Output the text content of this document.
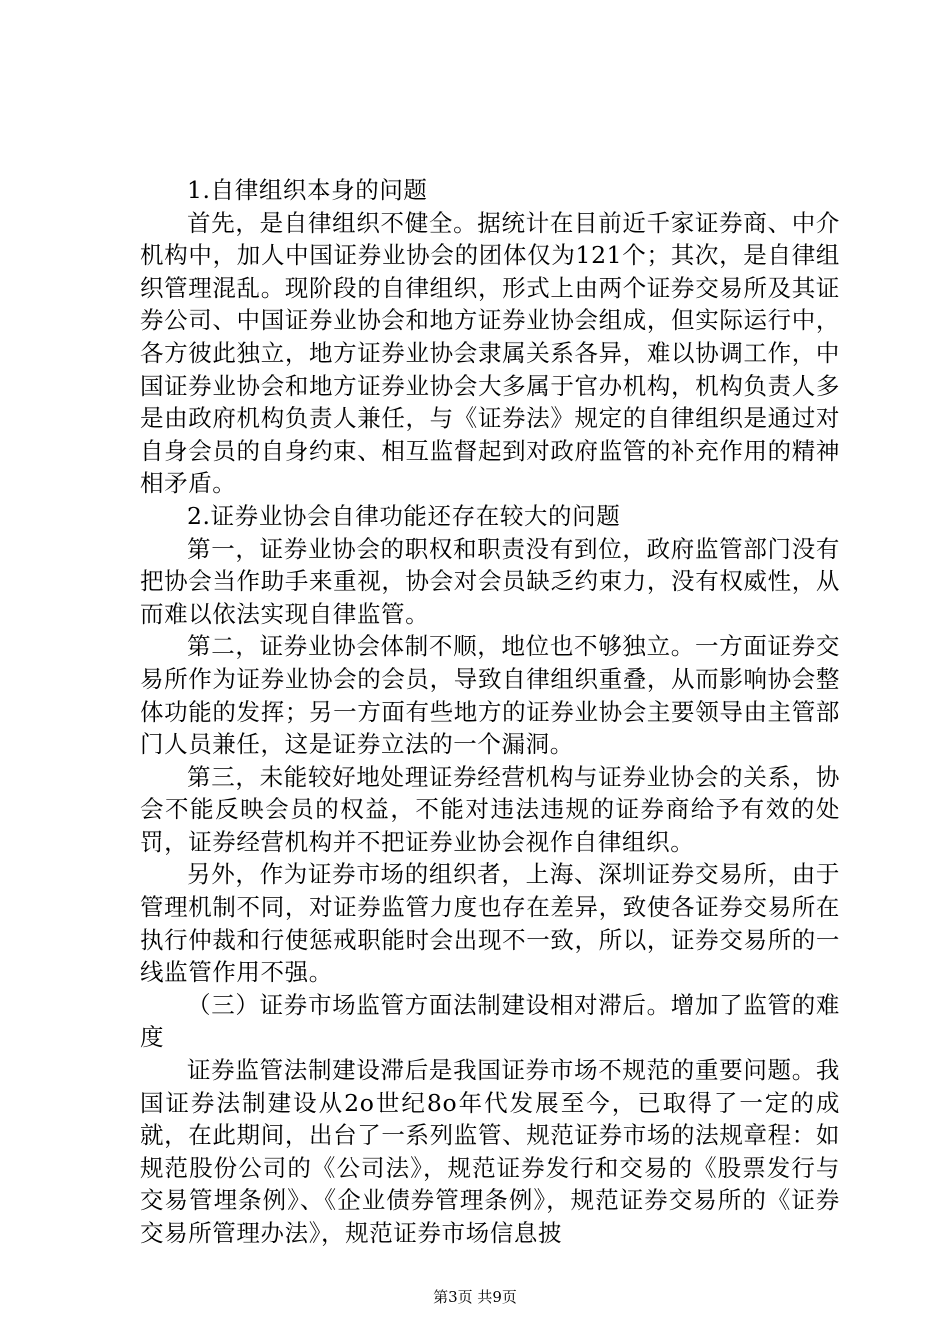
1.自律组织本身的问题

首先，是自律组织不健全。据统计在目前近千家证券商、中介机构中，加人中国证券业协会的团体仅为121个；其次，是自律组织管理混乱。现阶段的自律组织，形式上由两个证券交易所及其证券公司、中国证券业协会和地方证券业协会组成，但实际运行中，各方彼此独立，地方证券业协会隶属关系各异，难以协调工作，中国证券业协会和地方证券业协会大多属于官办机构，机构负责人多是由政府机构负责人兼任，与《证券法》规定的自律组织是通过对自身会员的自身约束、相互监督起到对政府监管的补充作用的精神相矛盾。

2.证券业协会自律功能还存在较大的问题

第一，证券业协会的职权和职责没有到位，政府监管部门没有把协会当作助手来重视，协会对会员缺乏约束力，没有权威性，从而难以依法实现自律监管。

第二，证券业协会体制不顺，地位也不够独立。一方面证券交易所作为证券业协会的会员，导致自律组织重叠，从而影响协会整体功能的发挥；另一方面有些地方的证券业协会主要领导由主管部门人员兼任，这是证券立法的一个漏洞。

第三，未能较好地处理证券经营机构与证券业协会的关系，协会不能反映会员的权益，不能对违法违规的证券商给予有效的处罚，证券经营机构并不把证券业协会视作自律组织。

另外，作为证券市场的组织者，上海、深圳证券交易所，由于管理机制不同，对证券监管力度也存在差异，致使各证券交易所在执行仲裁和行使惩戒职能时会出现不一致，所以，证券交易所的一线监管作用不强。

（三）证券市场监管方面法制建设相对滞后。增加了监管的难度

证券监管法制建设滞后是我国证券市场不规范的重要问题。我国证券法制建设从2o世纪8o年代发展至今，已取得了一定的成就，在此期间，出台了一系列监管、规范证券市场的法规章程：如规范股份公司的《公司法》，规范证券发行和交易的《股票发行与交易管埋条例》、《企业债券管理条例》，规范证券交易所的《证券交易所管理办法》，规范证券市场信息披

第3页 共9页
